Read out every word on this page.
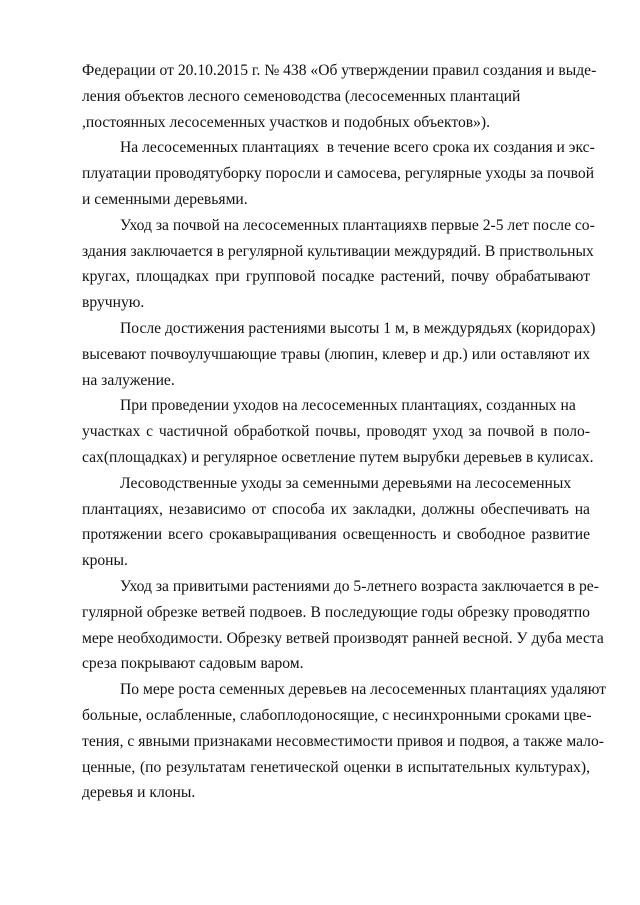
Федерации от 20.10.2015 г. № 438 «Об утверждении правил создания и выде-
ления объектов лесного семеноводства (лесосеменных плантаций
,постоянных лесосеменных участков и подобных объектов»).
На лесосеменных плантациях  в течение всего срока их создания и экс-
плуатации проводятуборку поросли и самосева, регулярные уходы за почвой
и семенными деревьями.
Уход за почвой на лесосеменных плантацияхв первые 2-5 лет после со- здания заключается в регулярной культивации междурядий. В приствольных кругах, площадках при групповой посадке растений, почву обрабатывают
вручную.
После достижения растениями высоты 1 м, в междурядьях (коридорах) высевают почвоулучшающие травы (люпин, клевер и др.) или оставляют их
на залужение.
При проведении уходов на лесосеменных плантациях, созданных на участках с частичной обработкой почвы, проводят уход за почвой в поло-
сах(площадках) и регулярное осветление путем вырубки деревьев в кулисах.
Лесоводственные уходы за семенными деревьями на лесосеменных плантациях, независимо от способа их закладки, должны обеспечивать на протяжении всего срокавыращивания освещенность и свободное развитие
кроны.
Уход за привитыми растениями до 5-летнего возраста заключается в ре- гулярной обрезке ветвей подвоев. В последующие годы обрезку проводятпо мере необходимости. Обрезку ветвей производят ранней весной. У дуба места
среза покрывают садовым варом.
По мере роста семенных деревьев на лесосеменных плантациях удаляют больные, ослабленные, слабоплодоносящие, с несинхронными сроками цве- тения, с явными признаками несовместимости привоя и подвоя, а также мало- ценные, (по результатам генетической оценки в испытательных культурах),
деревья и клоны.
